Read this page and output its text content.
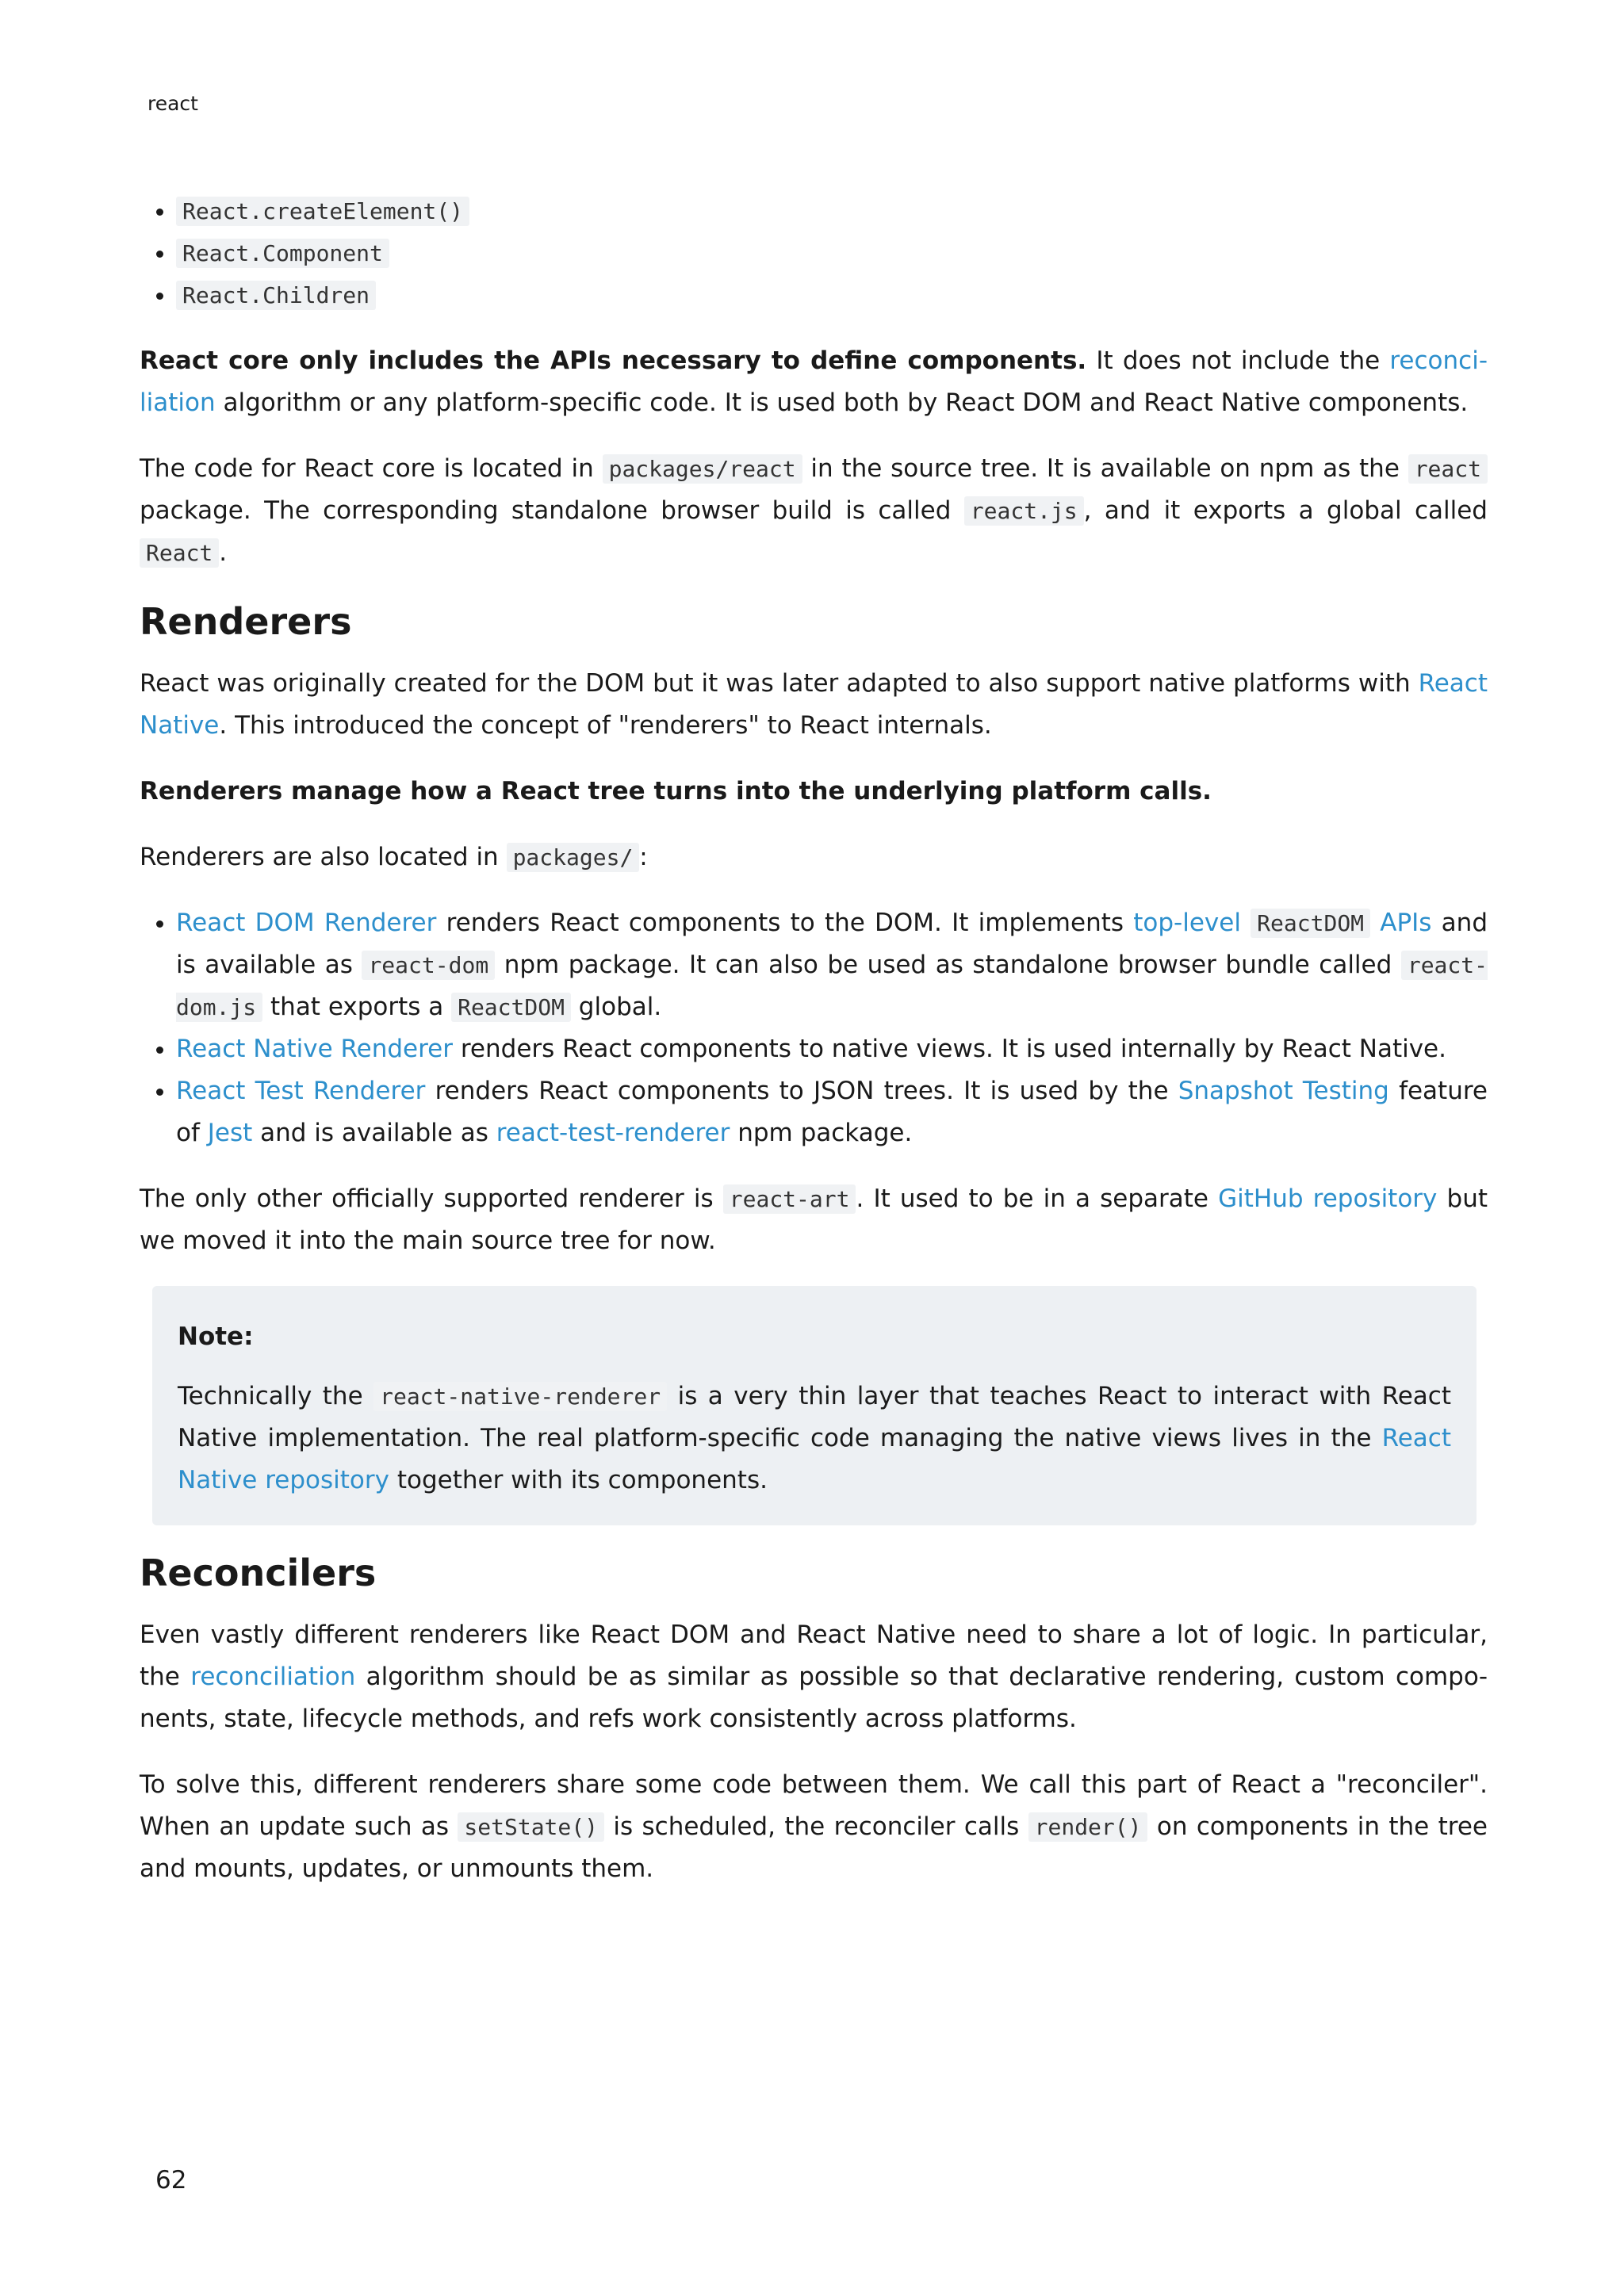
react
• React.createElement()
• React.Component
• React.Children

React core only includes the APIs necessary to define components. It does not include the reconciliation algorithm or any platform-specific code. It is used both by React DOM and React Native components.

The code for React core is located in packages/react in the source tree. It is available on npm as the react package. The corresponding standalone browser build is called react.js , and it exports a global called React .

Renderers

React was originally created for the DOM but it was later adapted to also support native platforms with React Native. This introduced the concept of "renderers" to React internals.

Renderers manage how a React tree turns into the underlying platform calls.

Renderers are also located in packages/ :

• React DOM Renderer renders React components to the DOM. It implements top-level ReactDOM APIs and is available as react-dom npm package. It can also be used as standalone browser bundle called react-dom.js that exports a ReactDOM global.
• React Native Renderer renders React components to native views. It is used internally by React Native.
• React Test Renderer renders React components to JSON trees. It is used by the Snapshot Testing feature of Jest and is available as react-test-renderer npm package.

The only other officially supported renderer is react-art . It used to be in a separate GitHub repository but we moved it into the main source tree for now.

Note:

Technically the react-native-renderer is a very thin layer that teaches React to interact with React Native implementation. The real platform-specific code managing the native views lives in the React Native repository together with its components.

Reconcilers

Even vastly different renderers like React DOM and React Native need to share a lot of logic. In particular, the reconciliation algorithm should be as similar as possible so that declarative rendering, custom components, state, lifecycle methods, and refs work consistently across platforms.

To solve this, different renderers share some code between them. We call this part of React a "reconciler". When an update such as setState() is scheduled, the reconciler calls render() on components in the tree and mounts, updates, or unmounts them.

62
